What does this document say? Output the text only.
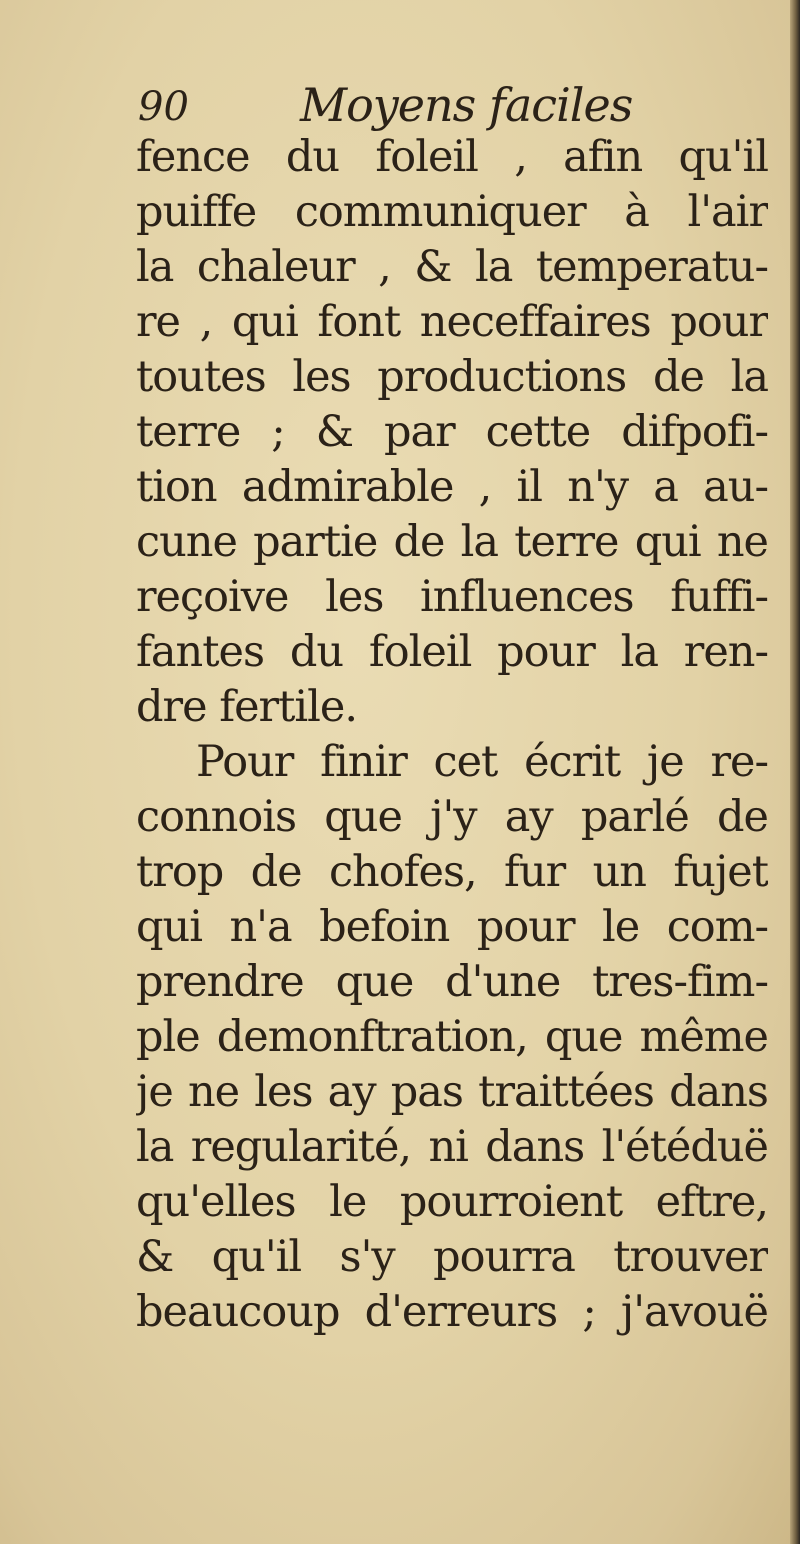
90 Moyens faciles
fence du foleil , afin qu'il
puiffe communiquer à l'air
la chaleur , & la temperatu-
re , qui font neceffaires pour
toutes les productions de la
terre ; & par cette difpofi-
tion admirable , il n'y a au-
cune partie de la terre qui ne
reçoive les influences fuffi-
fantes du foleil pour la ren-
dre fertile.
Pour finir cet écrit je re-
connois que j'y ay parlé de
trop de chofes, fur un fujet
qui n'a befoin pour le com-
prendre que d'une tres-fim-
ple demonftration, que même
je ne les ay pas traittées dans
la regularité, ni dans l'étéduë
qu'elles le pourroient eftre,
& qu'il s'y pourra trouver
beaucoup d'erreurs ; j'avouë
